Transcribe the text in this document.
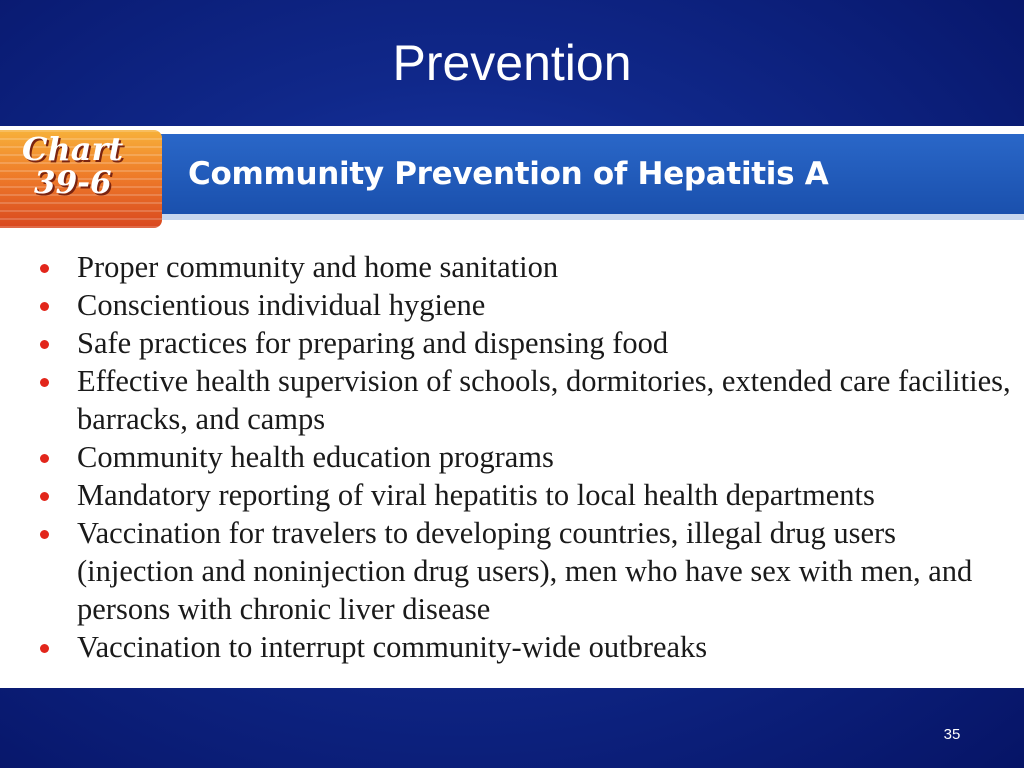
Prevention
Chart
39-6 Community Prevention of Hepatitis A
Proper community and home sanitation
Conscientious individual hygiene
Safe practices for preparing and dispensing food
Effective health supervision of schools, dormitories, extended care facilities, barracks, and camps
Community health education programs
Mandatory reporting of viral hepatitis to local health departments
Vaccination for travelers to developing countries, illegal drug users (injection and noninjection drug users), men who have sex with men, and persons with chronic liver disease
Vaccination to interrupt community-wide outbreaks
35
